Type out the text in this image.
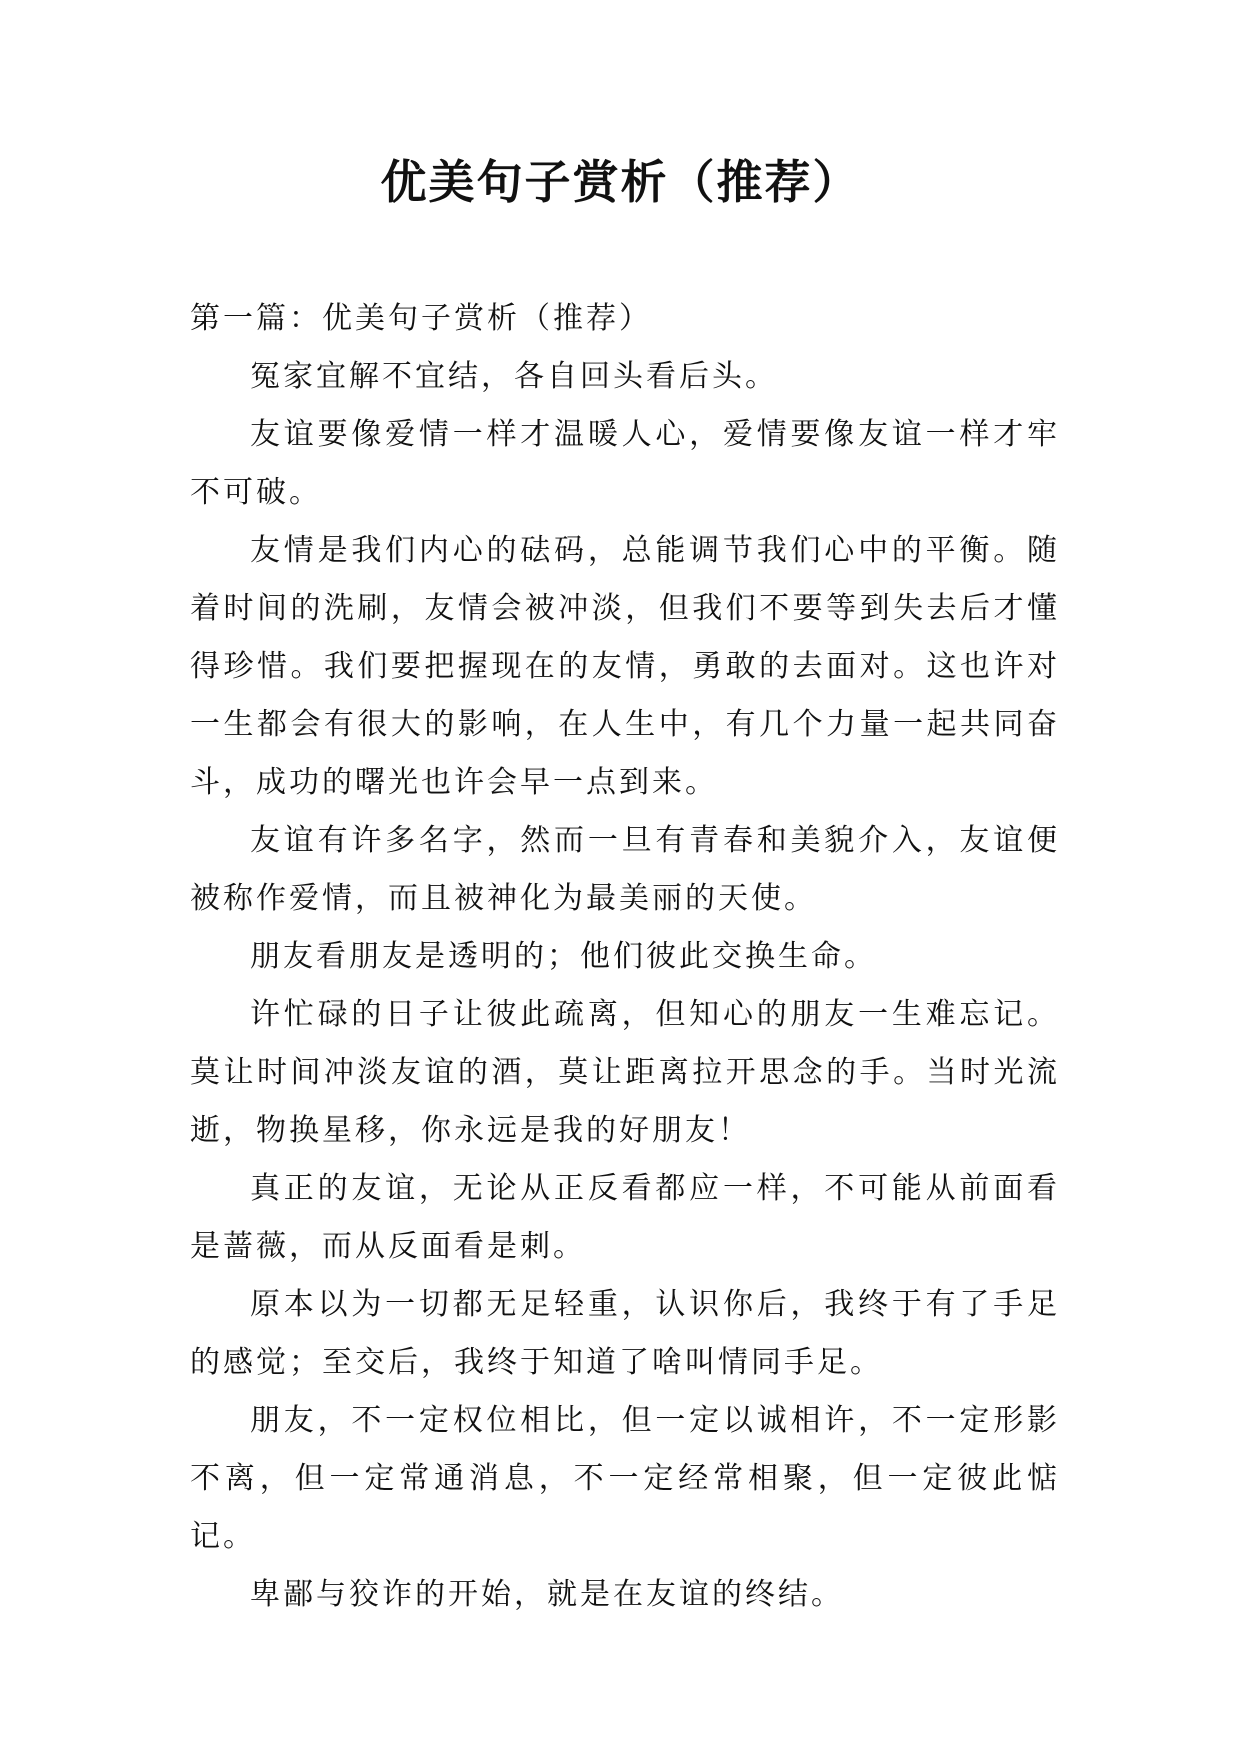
优美句子赏析（推荐）

第一篇：优美句子赏析（推荐）

冤家宜解不宜结，各自回头看后头。

友谊要像爱情一样才温暖人心，爱情要像友谊一样才牢不可破。

友情是我们内心的砝码，总能调节我们心中的平衡。随着时间的洗刷，友情会被冲淡，但我们不要等到失去后才懂得珍惜。我们要把握现在的友情，勇敢的去面对。这也许对一生都会有很大的影响，在人生中，有几个力量一起共同奋斗，成功的曙光也许会早一点到来。

友谊有许多名字，然而一旦有青春和美貌介入，友谊便被称作爱情，而且被神化为最美丽的天使。

朋友看朋友是透明的；他们彼此交换生命。

许忙碌的日子让彼此疏离，但知心的朋友一生难忘记。莫让时间冲淡友谊的酒，莫让距离拉开思念的手。当时光流逝，物换星移，你永远是我的好朋友！

真正的友谊，无论从正反看都应一样，不可能从前面看是蔷薇，而从反面看是刺。

原本以为一切都无足轻重，认识你后，我终于有了手足的感觉；至交后，我终于知道了啥叫情同手足。

朋友，不一定权位相比，但一定以诚相许，不一定形影不离，但一定常通消息，不一定经常相聚，但一定彼此惦记。

卑鄙与狡诈的开始，就是在友谊的终结。
